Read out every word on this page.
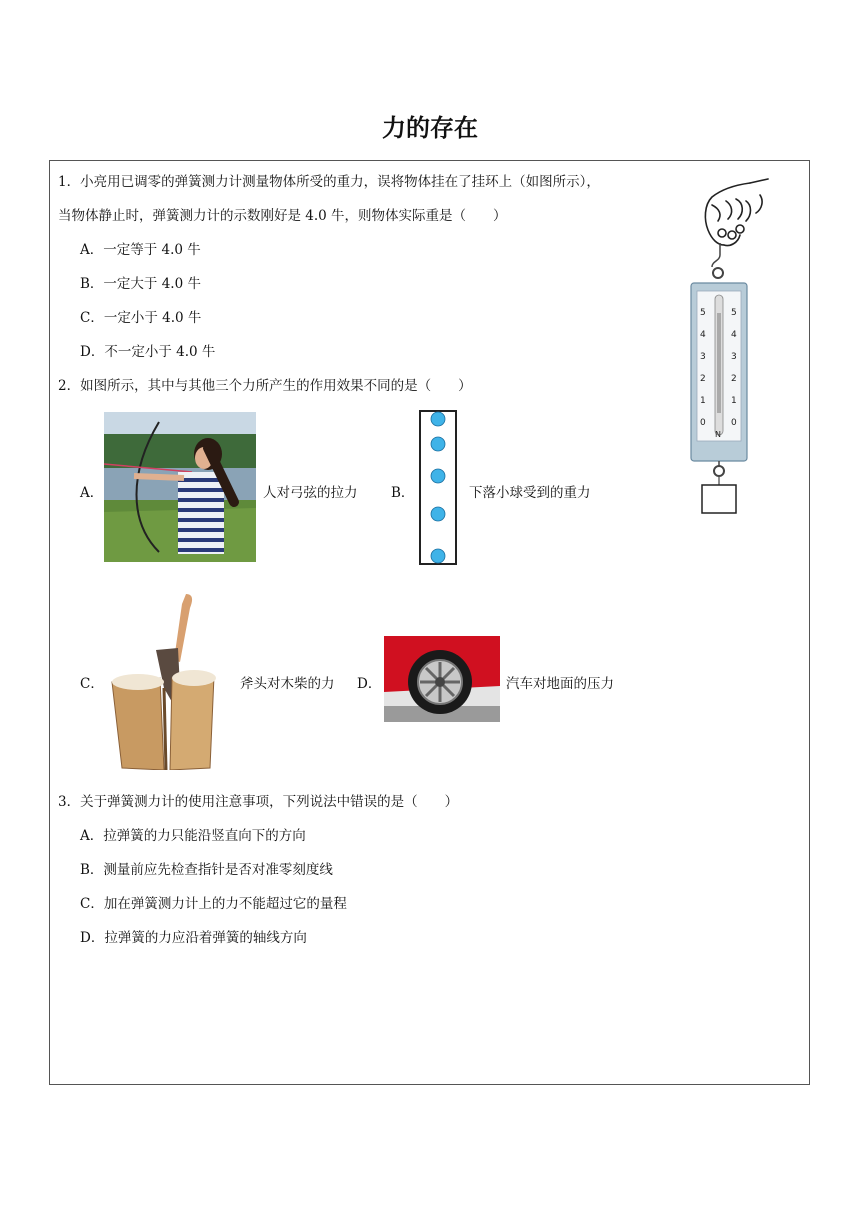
力的存在
1．小亮用已调零的弹簧测力计测量物体所受的重力，误将物体挂在了挂环上（如图所示），
当物体静止时，弹簧测力计的示数刚好是 4.0 牛，则物体实际重是（　　）
A．一定等于 4.0 牛
B．一定大于 4.0 牛
C．一定小于 4.0 牛
D．不一定小于 4.0 牛
5	5
4	4
3	3
2	2
1	1
0	0
N
2．如图所示，其中与其他三个力所产生的作用效果不同的是（　　）
A．	人对弓弦的拉力 B．	下落小球受到的重力
C．	斧头对木柴的力 D．	汽车对地面的压力
3．关于弹簧测力计的使用注意事项，下列说法中错误的是（　　）
A．拉弹簧的力只能沿竖直向下的方向
B．测量前应先检查指针是否对准零刻度线
C．加在弹簧测力计上的力不能超过它的量程
D．拉弹簧的力应沿着弹簧的轴线方向
